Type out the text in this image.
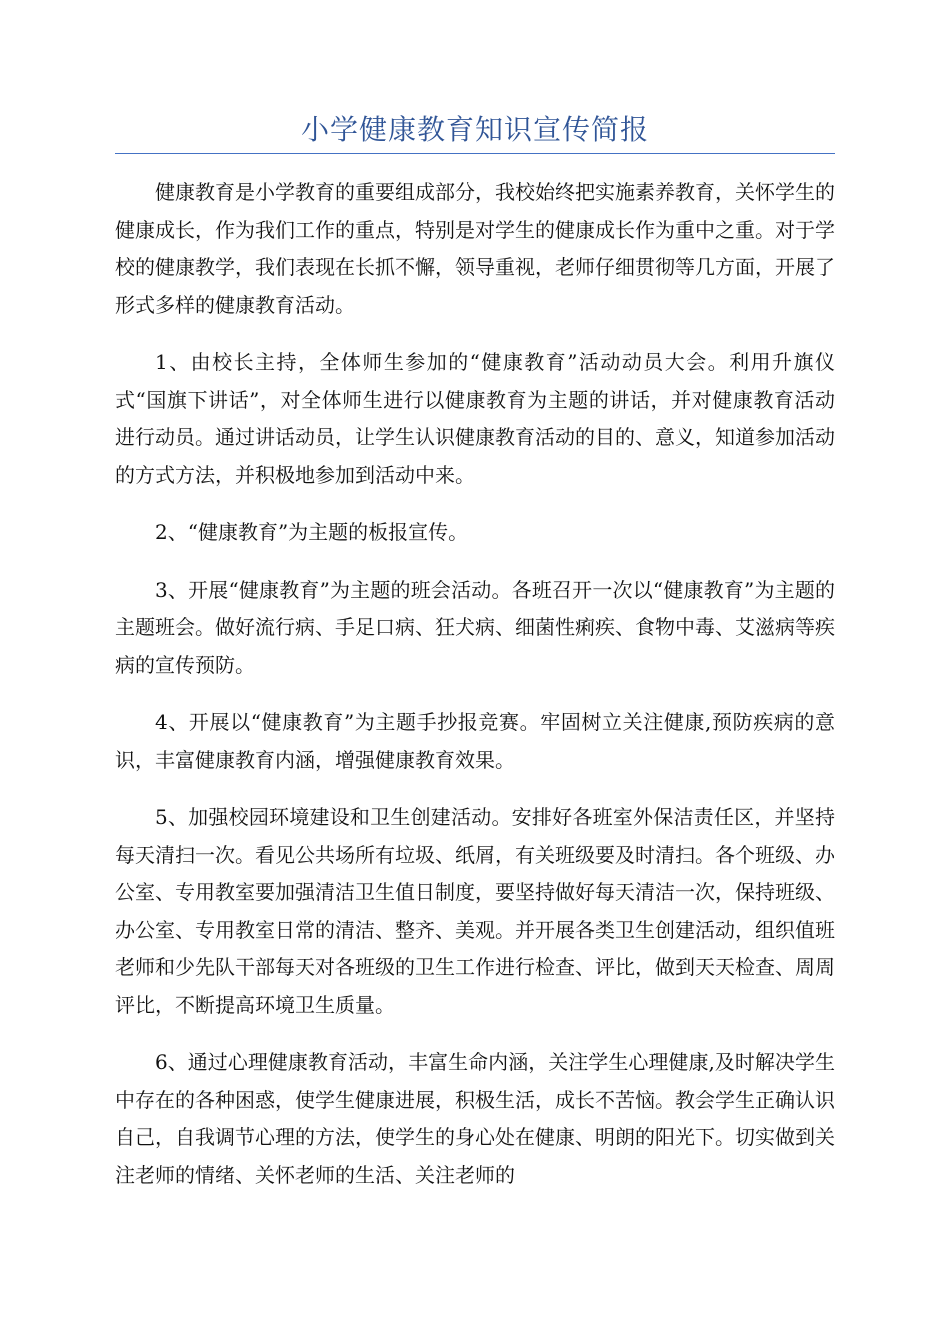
小学健康教育知识宣传简报

健康教育是小学教育的重要组成部分，我校始终把实施素养教育，关怀学生的健康成长，作为我们工作的重点，特别是对学生的健康成长作为重中之重。对于学校的健康教学，我们表现在长抓不懈，领导重视，老师仔细贯彻等几方面，开展了形式多样的健康教育活动。

1、由校长主持，全体师生参加的“健康教育”活动动员大会。利用升旗仪式“国旗下讲话”，对全体师生进行以健康教育为主题的讲话，并对健康教育活动进行动员。通过讲话动员，让学生认识健康教育活动的目的、意义，知道参加活动的方式方法，并积极地参加到活动中来。

2、“健康教育”为主题的板报宣传。

3、开展“健康教育”为主题的班会活动。各班召开一次以“健康教育”为主题的主题班会。做好流行病、手足口病、狂犬病、细菌性痢疾、食物中毒、艾滋病等疾病的宣传预防。

4、开展以“健康教育”为主题手抄报竞赛。牢固树立关注健康,预防疾病的意识，丰富健康教育内涵，增强健康教育效果。

5、加强校园环境建设和卫生创建活动。安排好各班室外保洁责任区，并坚持每天清扫一次。看见公共场所有垃圾、纸屑，有关班级要及时清扫。各个班级、办公室、专用教室要加强清洁卫生值日制度，要坚持做好每天清洁一次，保持班级、办公室、专用教室日常的清洁、整齐、美观。并开展各类卫生创建活动，组织值班老师和少先队干部每天对各班级的卫生工作进行检查、评比，做到天天检查、周周评比，不断提高环境卫生质量。

6、通过心理健康教育活动，丰富生命内涵，关注学生心理健康,及时解决学生中存在的各种困惑，使学生健康进展，积极生活，成长不苦恼。教会学生正确认识自己，自我调节心理的方法，使学生的身心处在健康、明朗的阳光下。切实做到关注老师的情绪、关怀老师的生活、关注老师的
